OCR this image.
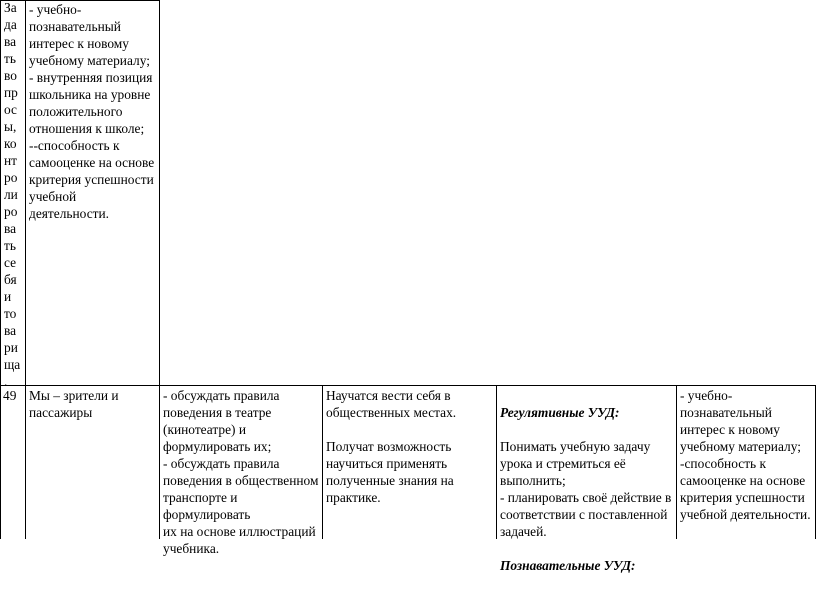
За
да
ва
ть
во
пр
ос
ы,
ко
нт
ро
ли
ро
ва
ть
се
бя
и
то
ва
ри
ща
.
- учебно-
познавательный
интерес к новому
учебному материалу;
- внутренняя позиция
школьника на уровне
положительного
отношения к школе;
--способность к
самооценке на основе
критерия успешности
учебной деятельности.
49 Мы – зрители и
пассажиры
- обсуждать правила
поведения в театре
(кинотеатре) и
формулировать их;
- обсуждать правила
поведения в общественном
транспорте и формулировать
их на основе иллюстраций
учебника.
Научатся вести себя в
общественных местах.

Получат возможность
научиться применять
полученные знания на
практике.

Регулятивные УУД:

Понимать учебную задачу
урока и стремиться её
выполнить;
- планировать своё действие в
соответствии с поставленной
задачей.

Познавательные УУД:

- учебно-познавательный
интерес к новому
учебному материалу;
-способность к
самооценке на основе
критерия успешности
учебной деятельности.
